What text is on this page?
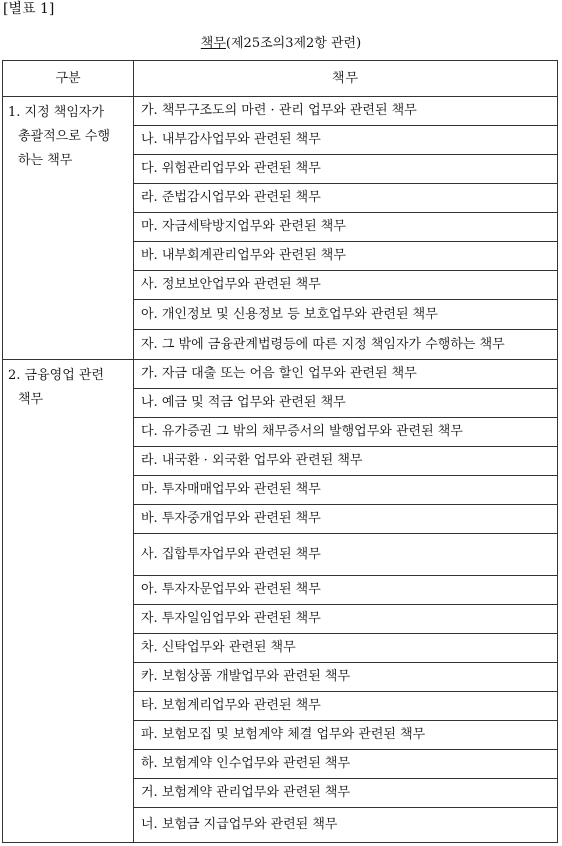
[별표 1]
책무(제25조의3제2항 관련)
구분	책무

1. 지정 책임자가
총괄적으로 수행
하는 책무	가. 책무구조도의 마련 · 관리 업무와 관련된 책무
	나. 내부감사업무와 관련된 책무
	다. 위험관리업무와 관련된 책무
	라. 준법감시업무와 관련된 책무
	마. 자금세탁방지업무와 관련된 책무
	바. 내부회계관리업무와 관련된 책무
	사. 정보보안업무와 관련된 책무
	아. 개인정보 및 신용정보 등 보호업무와 관련된 책무
	자. 그 밖에 금융관계법령등에 따른 지정 책임자가 수행하는 책무

2. 금융영업 관련
책무	가. 자금 대출 또는 어음 할인 업무와 관련된 책무
	나. 예금 및 적금 업무와 관련된 책무
	다. 유가증권 그 밖의 채무증서의 발행업무와 관련된 책무
	라. 내국환 · 외국환 업무와 관련된 책무
	마. 투자매매업무와 관련된 책무
	바. 투자중개업무와 관련된 책무
	사. 집합투자업무와 관련된 책무
	아. 투자자문업무와 관련된 책무
	자. 투자일임업무와 관련된 책무
	차. 신탁업무와 관련된 책무
	카. 보험상품 개발업무와 관련된 책무
	타. 보험계리업무와 관련된 책무
	파. 보험모집 및 보험계약 체결 업무와 관련된 책무
	하. 보험계약 인수업무와 관련된 책무
	거. 보험계약 관리업무와 관련된 책무
	너. 보험금 지급업무와 관련된 책무
